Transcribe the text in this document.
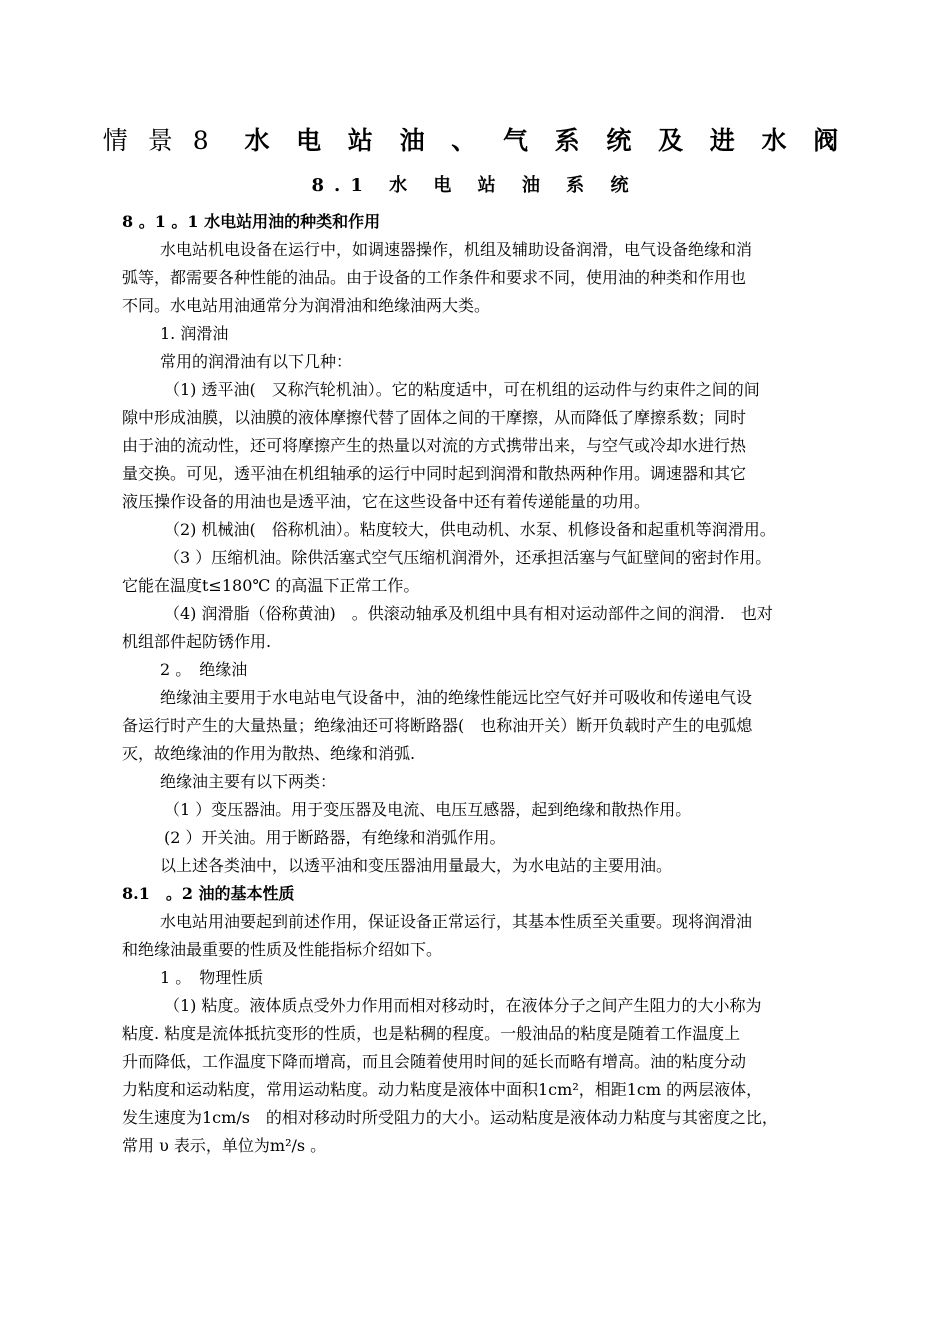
情 景 8 水 电 站 油 、 气 系 统 及 进 水 阀
8.1 水 电 站 油 系 统
8 。1 。1 水电站用油的种类和作用
水电站机电设备在运行中，如调速器操作，机组及辅助设备润滑，电气设备绝缘和消
弧等，都需要各种性能的油品。由于设备的工作条件和要求不同，使用油的种类和作用也
不同。水电站用油通常分为润滑油和绝缘油两大类。
1. 润滑油
常用的润滑油有以下几种：
（1) 透平油(　又称汽轮机油）。它的粘度适中，可在机组的运动件与约束件之间的间
隙中形成油膜，以油膜的液体摩擦代替了固体之间的干摩擦，从而降低了摩擦系数；同时
由于油的流动性，还可将摩擦产生的热量以对流的方式携带出来，与空气或冷却水进行热
量交换。可见，透平油在机组轴承的运行中同时起到润滑和散热两种作用。调速器和其它
液压操作设备的用油也是透平油，它在这些设备中还有着传递能量的功用。
（2) 机械油(　俗称机油）。粘度较大，供电动机、水泵、机修设备和起重机等润滑用。
（3 ）压缩机油。除供活塞式空气压缩机润滑外，还承担活塞与气缸壁间的密封作用。
它能在温度t≤180℃ 的高温下正常工作。
（4) 润滑脂（俗称黄油)　。供滚动轴承及机组中具有相对运动部件之间的润滑.　也对
机组部件起防锈作用.
2 。　绝缘油
绝缘油主要用于水电站电气设备中，油的绝缘性能远比空气好并可吸收和传递电气设
备运行时产生的大量热量；绝缘油还可将断路器(　也称油开关）断开负载时产生的电弧熄
灭，故绝缘油的作用为散热、绝缘和消弧.
绝缘油主要有以下两类：
（1 ）变压器油。用于变压器及电流、电压互感器，起到绝缘和散热作用。
(2 ）开关油。用于断路器，有绝缘和消弧作用。
以上述各类油中，以透平油和变压器油用量最大，为水电站的主要用油。
8.1　。2 油的基本性质
水电站用油要起到前述作用，保证设备正常运行，其基本性质至关重要。现将润滑油
和绝缘油最重要的性质及性能指标介绍如下。
1 。　物理性质
（1) 粘度。液体质点受外力作用而相对移动时，在液体分子之间产生阻力的大小称为
粘度. 粘度是流体抵抗变形的性质，也是粘稠的程度。一般油品的粘度是随着工作温度上
升而降低，工作温度下降而增高，而且会随着使用时间的延长而略有增高。油的粘度分动
力粘度和运动粘度，常用运动粘度。动力粘度是液体中面积1cm²，相距1cm 的两层液体，
发生速度为1cm/s　的相对移动时所受阻力的大小。运动粘度是液体动力粘度与其密度之比，
常用 υ 表示，单位为m²/s 。
